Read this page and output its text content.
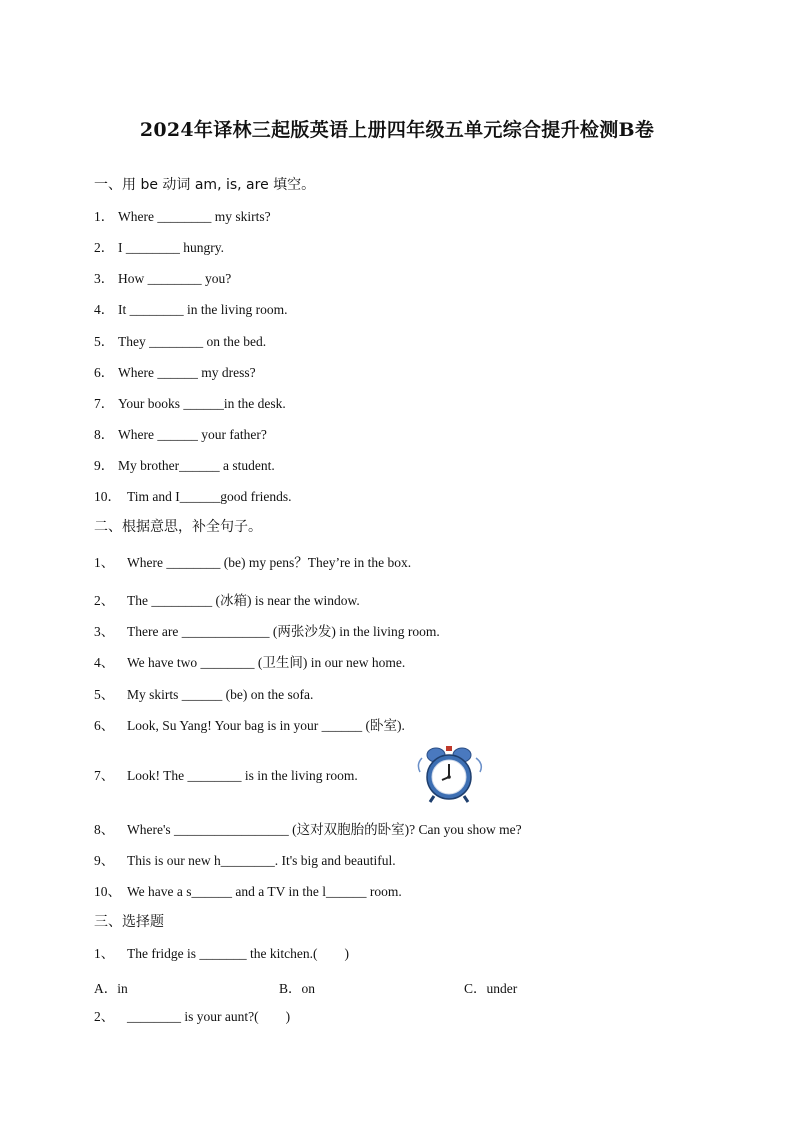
2024年译林三起版英语上册四年级五单元综合提升检测B卷
一、用 be 动词 am, is, are 填空。
1． Where ________ my skirts?
2． I ________ hungry.
3． How ________ you?
4． It ________ in the living room.
5． They ________ on the bed.
6． Where ______ my dress?
7． Your books ______in the desk.
8． Where ______ your father?
9． My brother______ a student.
10． Tim and I______good friends.
二、根据意思，补全句子。
1、 Where ________ (be) my pens？They’re in the box.
2、 The _________ (冰箱) is near the window.
3、 There are _____________ (两张沙发) in the living room.
4、 We have two ________ (卫生间) in our new home.
5、 My skirts ______ (be) on the sofa.
6、 Look, Su Yang! Your bag is in your ______ (卧室).
7、 Look! The ________ is in the living room.
8、 Where's _________________ (这对双胞胎的卧室)? Can you show me?
9、 This is our new h________. It's big and beautiful.
10、 We have a s______ and a TV in the l______ room.
三、选择题
1、 The fridge is _______ the kitchen.(　　)
A．in	B．on	C．under
2、 ________ is your aunt?(　　)
